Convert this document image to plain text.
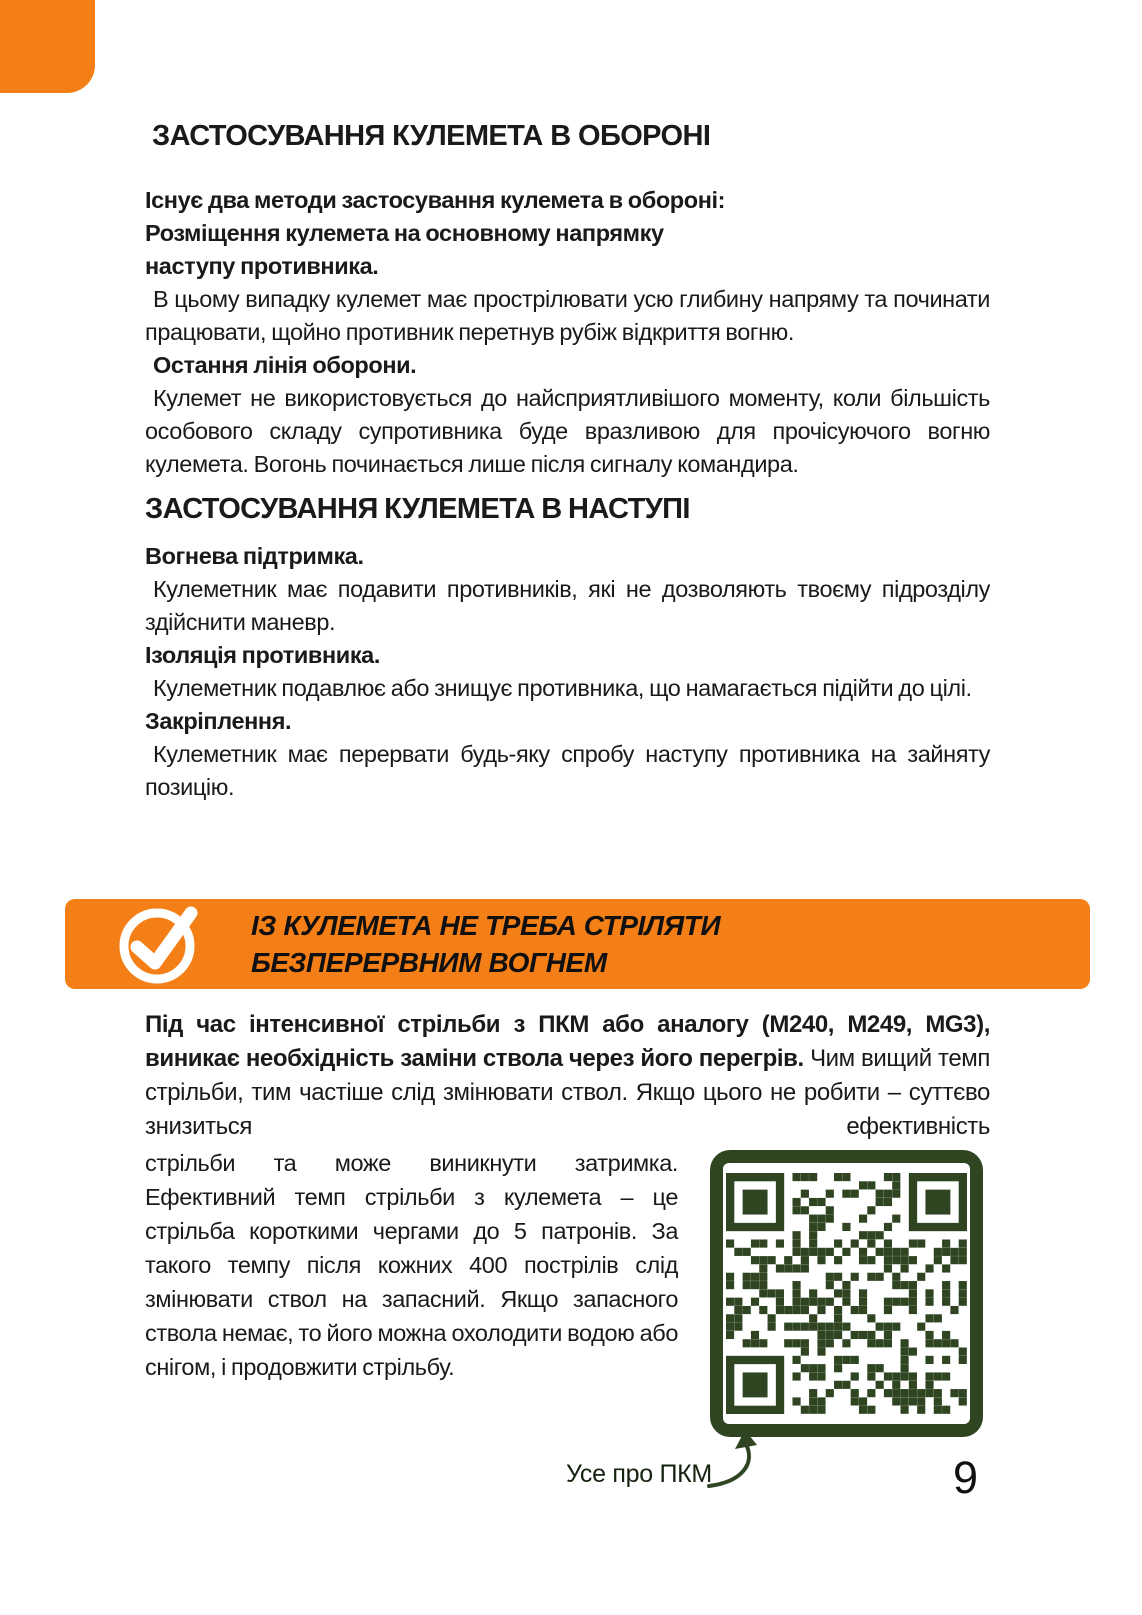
ЗАСТОСУВАННЯ КУЛЕМЕТА В ОБОРОНІ

Існує два методи застосування кулемета в обороні:

Розміщення кулемета на основному напрямку

наступу противника.

В цьому випадку кулемет має прострілювати усю глибину напряму та починати працювати, щойно противник перетнув рубіж відкриття вогню.

Остання лінія оборони.

Кулемет не використовується до найсприятливішого моменту, коли більшість особового складу супротивника буде вразливою для прочісуючого вогню кулемета. Вогонь починається лише після сигналу командира.

ЗАСТОСУВАННЯ КУЛЕМЕТА В НАСТУПІ

Вогнева підтримка.

Кулеметник має подавити противників, які не дозволяють твоєму підрозділу здійснити маневр.

Ізоляція противника.

Кулеметник подавлює або знищує противника, що намагається підійти до цілі.

Закріплення.

Кулеметник має перервати будь-яку спробу наступу противника на зайняту позицію.

ІЗ КУЛЕМЕТА НЕ ТРЕБА СТРІЛЯТИ
БЕЗПЕРЕРВНИМ ВОГНЕМ
Під час інтенсивної стрільби з ПКМ або аналогу (М240, М249, MG3), виникає необхідність заміни ствола через його перегрів. Чим вищий темп стрільби, тим частіше слід змінювати ствол. Якщо цього не робити – суттєво знизиться ефективність
стрільби та може виникнути затримка. Ефективний темп стрільби з кулемета – це стрільба короткими чергами до 5 патронів. За такого темпу після кожних 400 пострілів слід змінювати ствол на запасний. Якщо запасного ствола немає, то його можна охолодити водою або снігом, і продовжити стрільбу.
Усе про ПКМ	9
